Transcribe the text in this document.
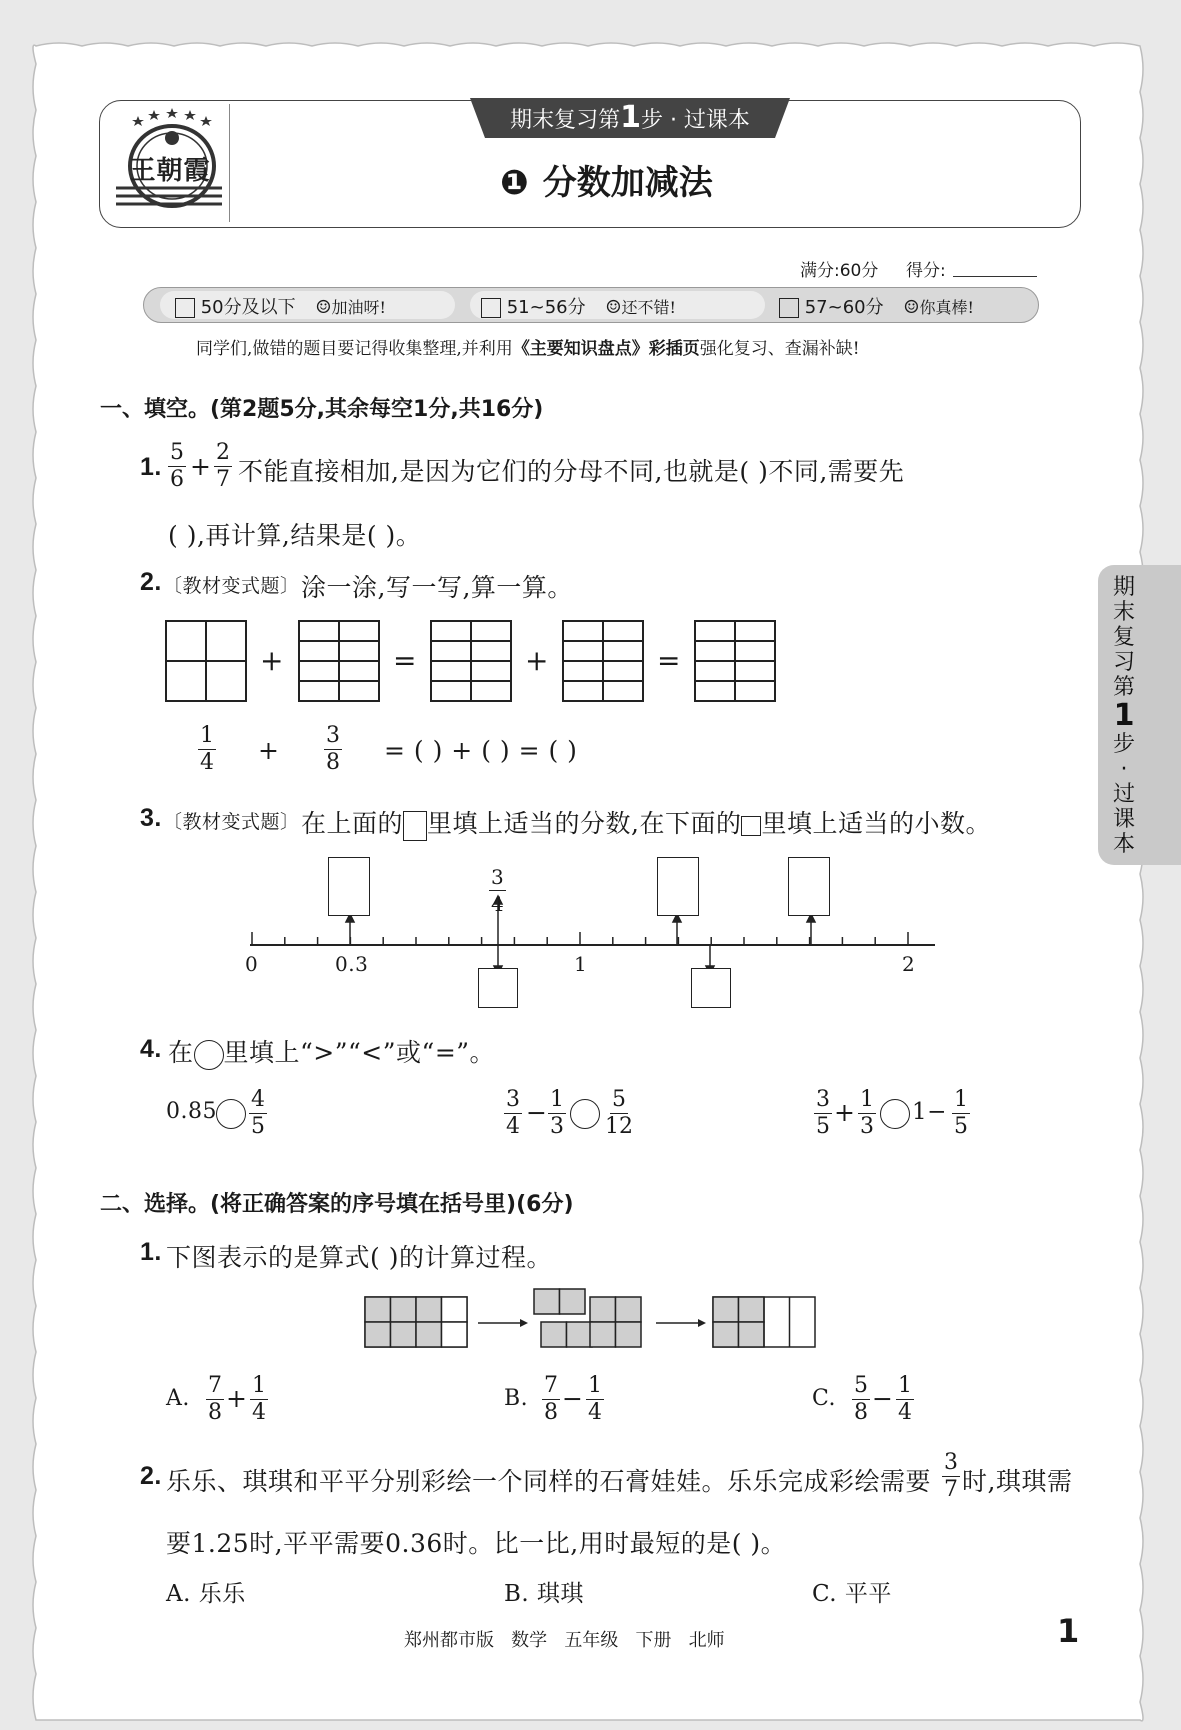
王朝霞
期末复习第1步 · 过课本
❶ 分数加减法
满分:60分 得分:
50分及以下 ☺加油呀!	51~56分 ☺还不错!	57~60分 ☺你真棒!
同学们,做错的题目要记得收集整理,并利用《主要知识盘点》彩插页强化复习、查漏补缺!
一、填空。(第2题5分,其余每空1分,共16分)
1. $\frac{5}{6} + \frac{2}{7}$ 不能直接相加,是因为它们的分母不同,也就是( )不同,需要先
( ),再计算,结果是( )。
2. 〔教材变式题〕 涂一涂,写一写,算一算。
+	=	+	=
$\frac{1}{4} + \frac{3}{8}$ = ( ) + ( ) = ( )
3. 〔教材变式题〕 在上面的 里填上适当的分数,在下面的 里填上适当的小数。
0	0.3	1	2
$\frac{3}{4}$
4. 在 里填上“>”“<”或“=”。
$0.85 \frac{4}{5}$	$\frac{3}{4} - \frac{1}{3} \frac{5}{12}$	$\frac{3}{5} + \frac{1}{3} 1- \frac{1}{5}$
二、选择。(将正确答案的序号填在括号里)(6分)
1. 下图表示的是算式( )的计算过程。
A. $\frac{7}{8} + \frac{1}{4}$	B. $\frac{7}{8} - \frac{1}{4}$	C. $\frac{5}{8} - \frac{1}{4}$
2. 乐乐、琪琪和平平分别彩绘一个同样的石膏娃娃。乐乐完成彩绘需要 $\frac{3}{7}$ 时,琪琪需
要1.25时,平平需要0.36时。比一比,用时最短的是( )。
A. 乐乐	B. 琪琪	C. 平平
期
末
复
习
第
1
步
·
过
课
本
郑州都市版   数学   五年级   下册   北师	1
